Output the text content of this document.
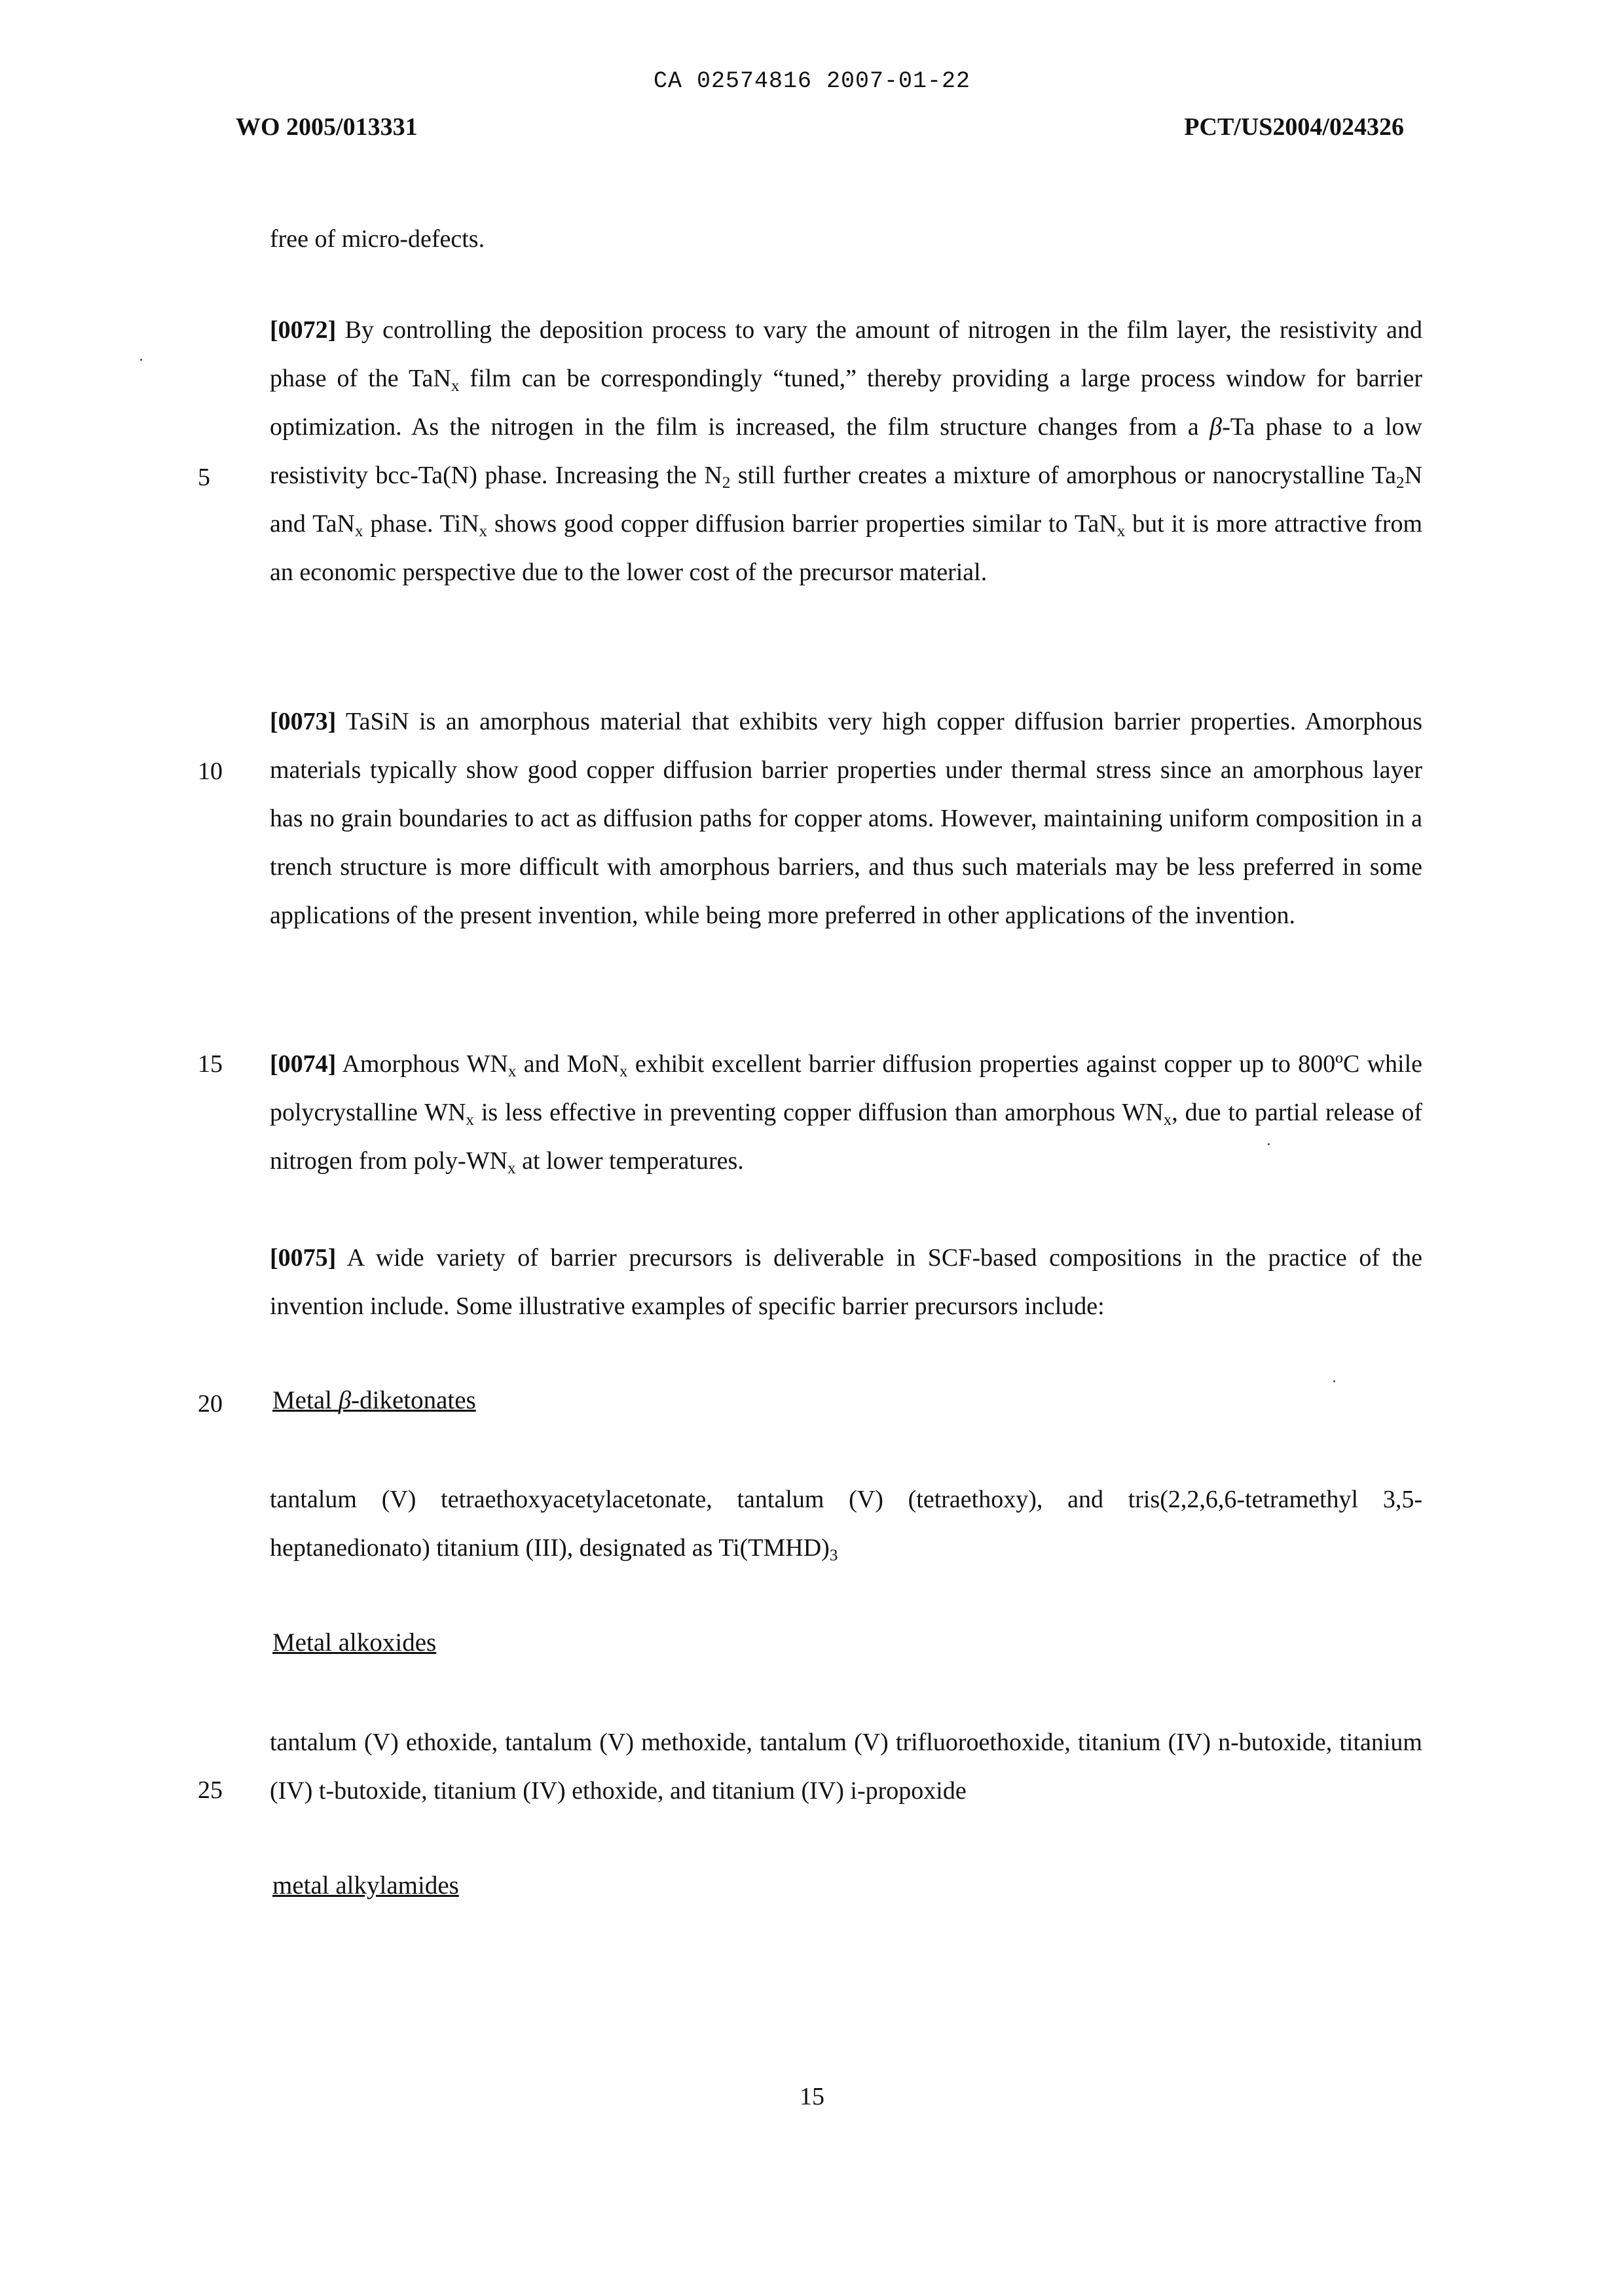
CA 02574816 2007-01-22
WO 2005/013331	PCT/US2004/024326

free of micro-defects.

[0072] By controlling the deposition process to vary the amount of nitrogen in the film layer, the resistivity and phase of the TaN$_x$ film can be correspondingly “tuned,” thereby providing a large process window for barrier optimization. As the nitrogen in the film is increased, the film structure changes from a β-Ta phase to a low resistivity bcc-Ta(N) phase. Increasing the $N_2$ still further creates a mixture of amorphous or nanocrystalline $Ta_2N$ and TaN$_x$ phase. TiN$_x$ shows good copper diffusion barrier properties similar to TaN$_x$ but it is more attractive from an economic perspective due to the lower cost of the precursor material.

[0073] TaSiN is an amorphous material that exhibits very high copper diffusion barrier properties. Amorphous materials typically show good copper diffusion barrier properties under thermal stress since an amorphous layer has no grain boundaries to act as diffusion paths for copper atoms. However, maintaining uniform composition in a trench structure is more difficult with amorphous barriers, and thus such materials may be less preferred in some applications of the present invention, while being more preferred in other applications of the invention.

[0074] Amorphous $WN_x$ and MoN$_x$ exhibit excellent barrier diffusion properties against copper up to 800ºC while polycrystalline $WN_x$ is less effective in preventing copper diffusion than amorphous $WN_x$, due to partial release of nitrogen from poly-$WN_x$ at lower temperatures.

[0075] A wide variety of barrier precursors is deliverable in SCF-based compositions in the practice of the invention include. Some illustrative examples of specific barrier precursors include:

Metal β-diketonates

tantalum (V) tetraethoxyacetylacetonate, tantalum (V) (tetraethoxy), and tris(2,2,6,6-tetramethyl 3,5-heptanedionato) titanium (III), designated as $Ti(TMHD)_3$

Metal alkoxides

tantalum (V) ethoxide, tantalum (V) methoxide, tantalum (V) trifluoroethoxide, titanium (IV) n-butoxide, titanium (IV) t-butoxide, titanium (IV) ethoxide, and titanium (IV) i-propoxide

metal alkylamides

5
10
15
20
25
15
